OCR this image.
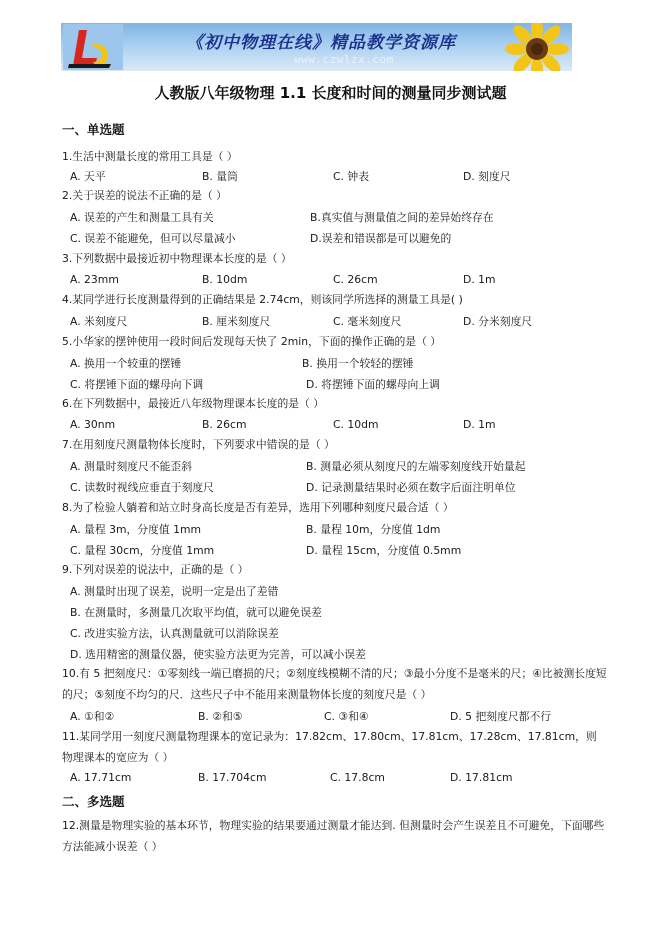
《初中物理在线》精品教学资源库
www.czwlzx.com
人教版八年级物理 1.1 长度和时间的测量同步测试题
一、单选题
1.生活中测量长度的常用工具是（ ）
A. 天平	B. 量筒	C. 钟表	D. 刻度尺
2.关于误差的说法不正确的是（ ）
A. 误差的产生和测量工具有关	B.真实值与测量值之间的差异始终存在
C. 误差不能避免，但可以尽量减小	D.误差和错误都是可以避免的
3.下列数据中最接近初中物理课本长度的是（ ）
A. 23mm	B. 10dm	C. 26cm	D. 1m
4.某同学进行长度测量得到的正确结果是 2.74cm，则该同学所选择的测量工具是( )
A. 米刻度尺	B. 厘米刻度尺	C. 毫米刻度尺	D. 分米刻度尺
5.小华家的摆钟使用一段时间后发现每天快了 2min，下面的操作正确的是（ ）
A. 换用一个较重的摆锤	B. 换用一个较轻的摆锤
C. 将摆锤下面的螺母向下调	D. 将摆锤下面的螺母向上调
6.在下列数据中，最接近八年级物理课本长度的是（ ）
A. 30nm	B. 26cm	C. 10dm	D. 1m
7.在用刻度尺测量物体长度时，下列要求中错误的是（ ）
A. 测量时刻度尺不能歪斜	B. 测量必须从刻度尺的左端零刻度线开始量起
C. 读数时视线应垂直于刻度尺	D. 记录测量结果时必须在数字后面注明单位
8.为了检验人躺着和站立时身高长度是否有差异，选用下列哪种刻度尺最合适（ ）
A. 量程 3m，分度值 1mm	B. 量程 10m，分度值 1dm
C. 量程 30cm，分度值 1mm	D. 量程 15cm，分度值 0.5mm
9.下列对误差的说法中，正确的是（ ）
A. 测量时出现了误差，说明一定是出了差错
B. 在测量时，多测量几次取平均值，就可以避免误差
C. 改进实验方法，认真测量就可以消除误差
D. 选用精密的测量仪器，使实验方法更为完善，可以减小误差
10.有 5 把刻度尺：①零刻线一端已磨损的尺；②刻度线模糊不清的尺；③最小分度不是毫米的尺；④比被测长度短的尺；⑤刻度不均匀的尺．这些尺子中不能用来测量物体长度的刻度尺是（ ）
A. ①和②	B. ②和⑤	C. ③和④	D. 5 把刻度尺都不行
11.某同学用一刻度尺测量物理课本的宽记录为：17.82cm、17.80cm、17.81cm、17.28cm、17.81cm，则物理课本的宽应为（ ）
A. 17.71cm	B. 17.704cm	C. 17.8cm	D. 17.81cm
二、多选题
12.测量是物理实验的基本环节，物理实验的结果要通过测量才能达到. 但测量时会产生误差且不可避免，下面哪些方法能减小误差（ ）
